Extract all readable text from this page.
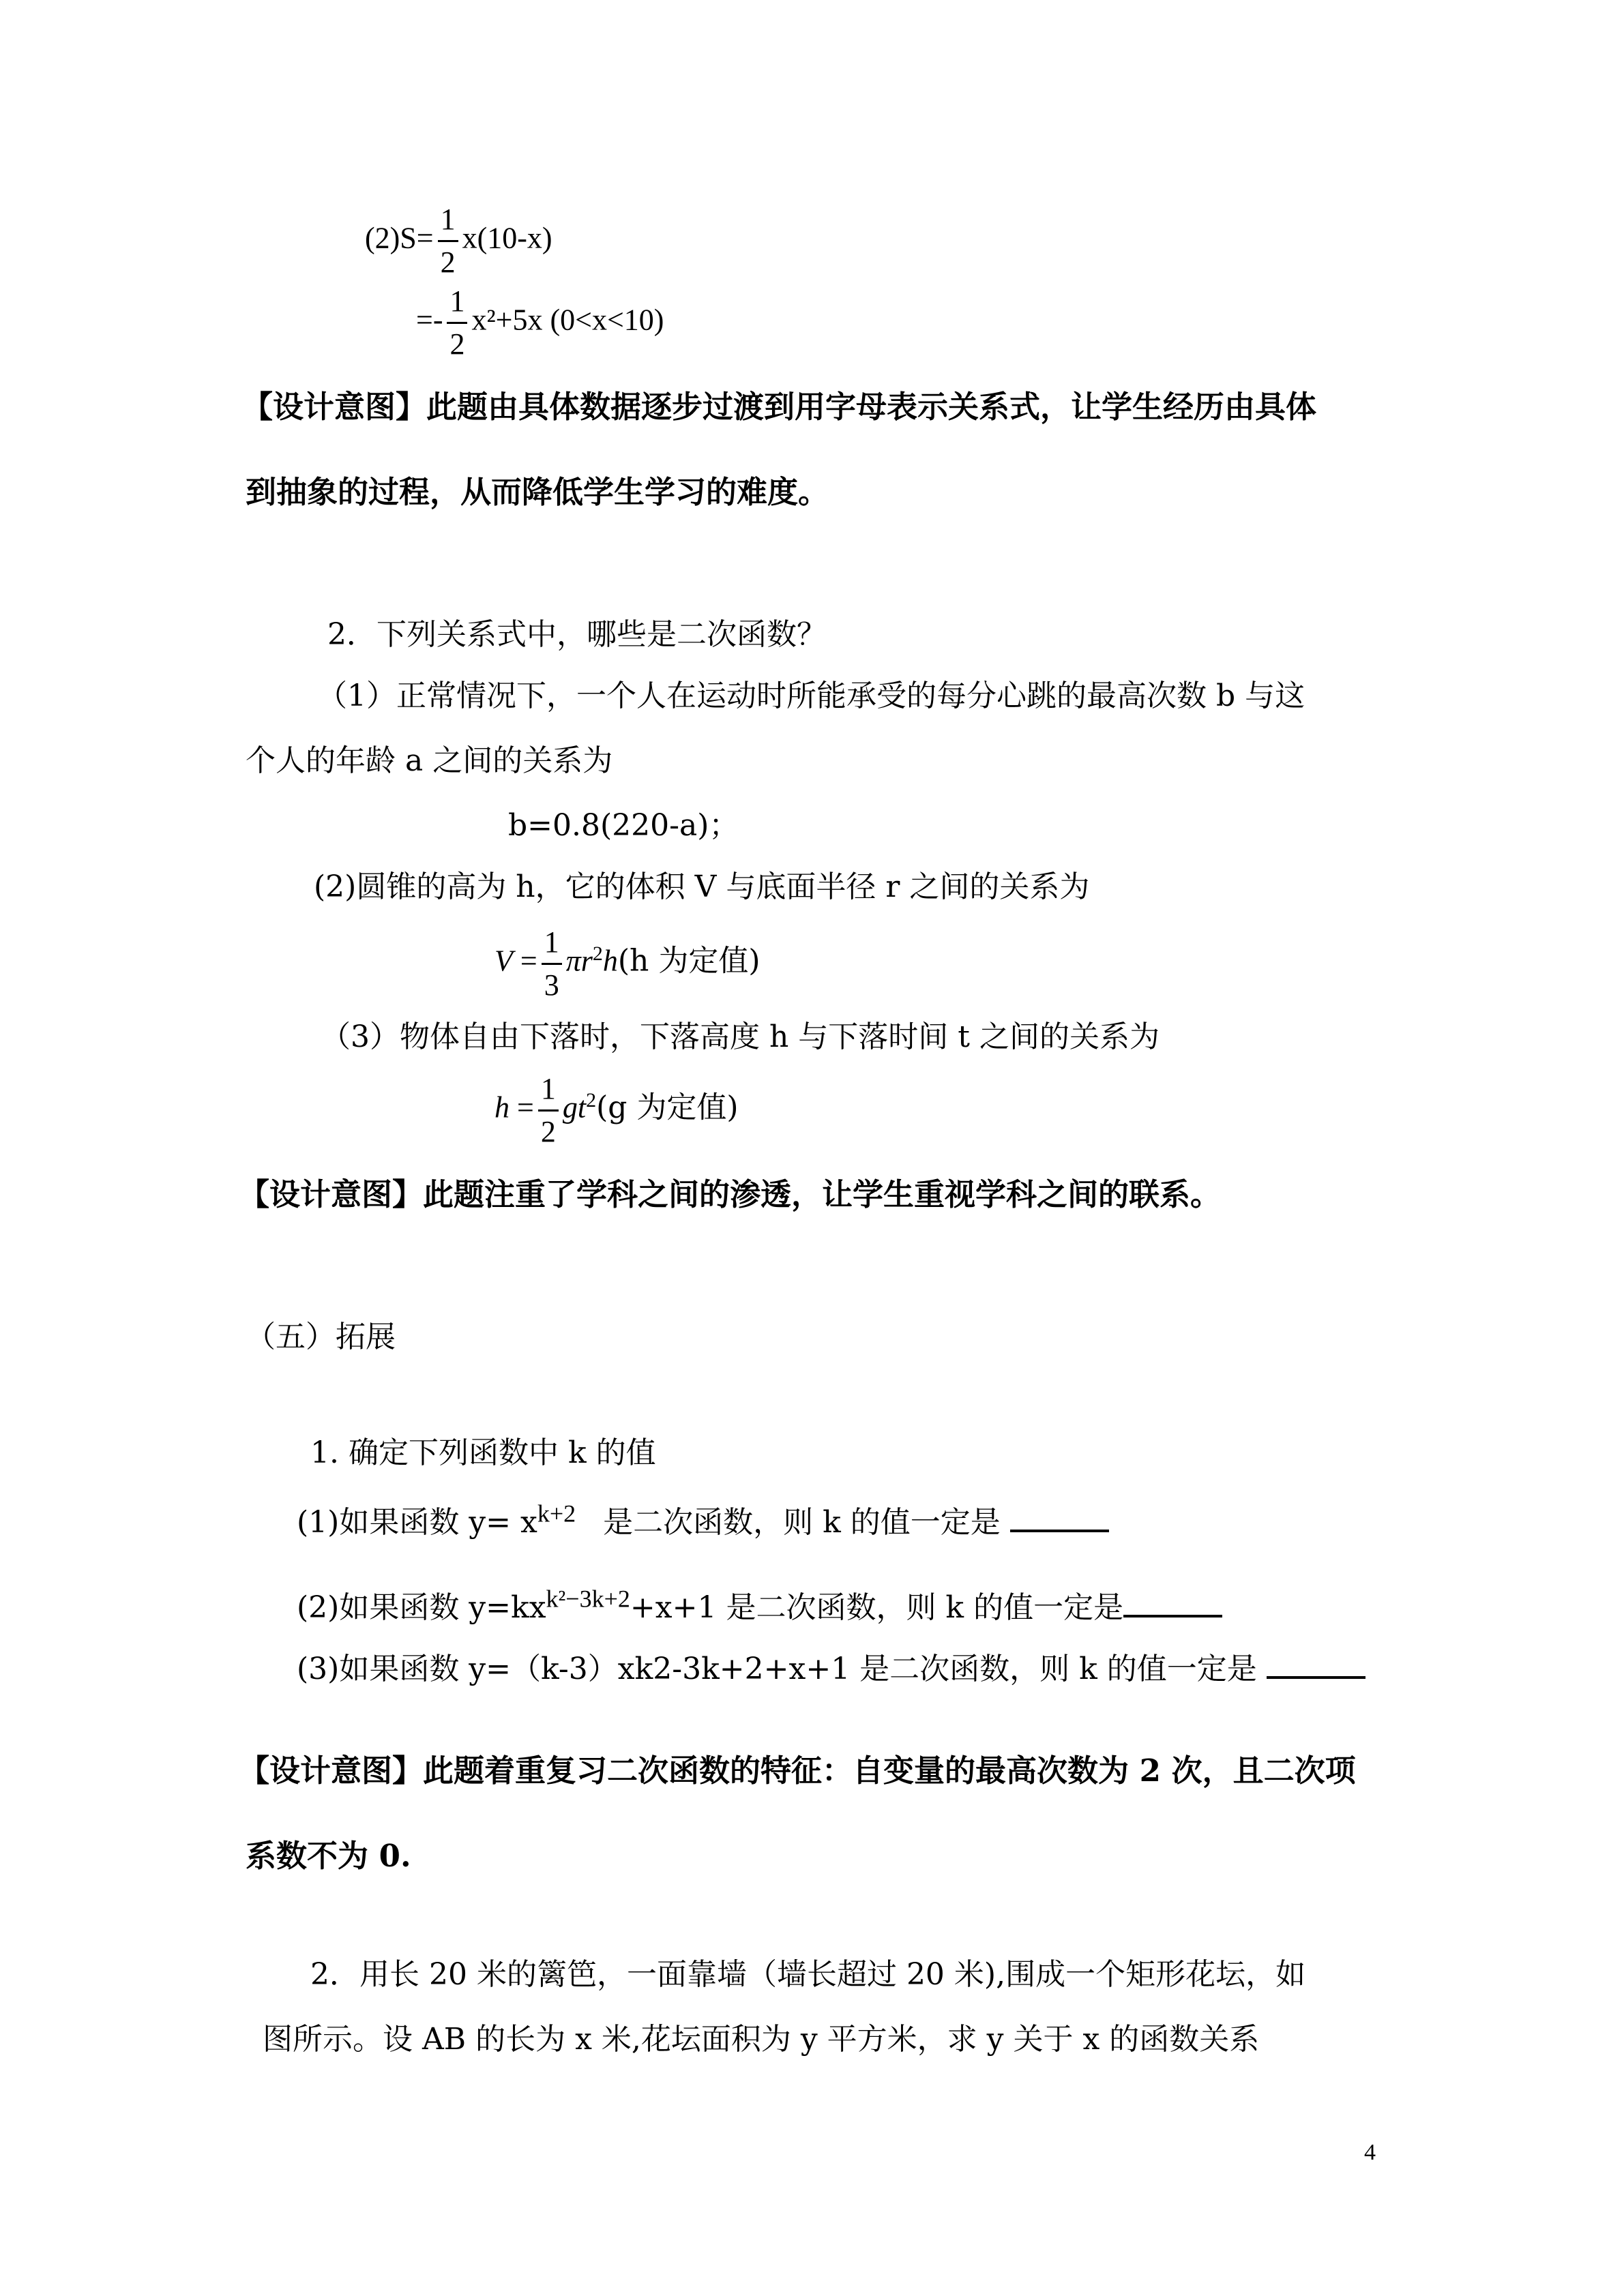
$(2)S= \frac{1}{2} x(10-x)$
=- $\frac{1}{2} x^2+5x$ (0<x<10)
【设计意图】此题由具体数据逐步过渡到用字母表示关系式，让学生经历由具体
到抽象的过程，从而降低学生学习的难度。
2．下列关系式中，哪些是二次函数？
（1）正常情况下，一个人在运动时所能承受的每分心跳的最高次数 b 与这
个人的年龄 a 之间的关系为
b=0.8(220-a)；
(2)圆锥的高为 h，它的体积 V 与底面半径 r 之间的关系为
$V = \frac{1}{3} \pi r^2h(h$ 为定值)
（3）物体自由下落时，下落高度 h 与下落时间 t 之间的关系为
$h = \frac{1}{2} gt^2(g$ 为定值)
【设计意图】此题注重了学科之间的渗透，让学生重视学科之间的联系。
（五）拓展
1. 确定下列函数中 k 的值
(1)如果函数 $y= x^{k+2}$ 是二次函数，则 k 的值一定是
(2)如果函数 $y=kx^{k^2-3k+2}+x+1$ 是二次函数，则 k 的值一定是
(3)如果函数 y=（k-3）xk2-3k+2+x+1 是二次函数，则 k 的值一定是
【设计意图】此题着重复习二次函数的特征：自变量的最高次数为 2 次，且二次项
系数不为 0.
2．用长 20 米的篱笆，一面靠墙（墙长超过 20 米),围成一个矩形花坛，如
图所示。设 AB 的长为 x 米,花坛面积为 y 平方米，求 y 关于 x 的函数关系
4
